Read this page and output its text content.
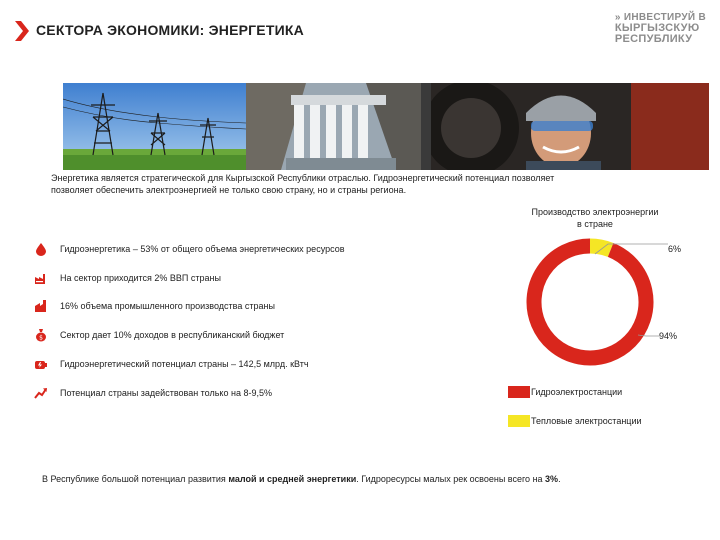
СЕКТОРА ЭКОНОМИКИ: ЭНЕРГЕТИКА
» ИНВЕСТИРУЙ В
КЫРГЫЗСКУЮ
РЕСПУБЛИКУ
Энергетика является стратегической для Кыргызской Республики отраслью. Гидроэнергетический потенциал позволяет
позволяет обеспечить электроэнергией не только свою страну, но и страны региона.
Гидроэнергетика – 53% от общего объема энергетических ресурсов
На сектор приходится 2% ВВП страны
16% объема промышленного производства страны
$ Сектор дает 10% доходов в республиканский бюджет
Гидроэнергетический потенциал страны – 142,5 млрд. кВтч
Потенциал страны задействован только на 8-9,5%
Производство электроэнергии
в стране
6%
94%
Гидроэлектростанции
Тепловые электростанции
В Республике большой потенциал развития малой и средней энергетики. Гидроресурсы малых рек освоены всего на 3%.
